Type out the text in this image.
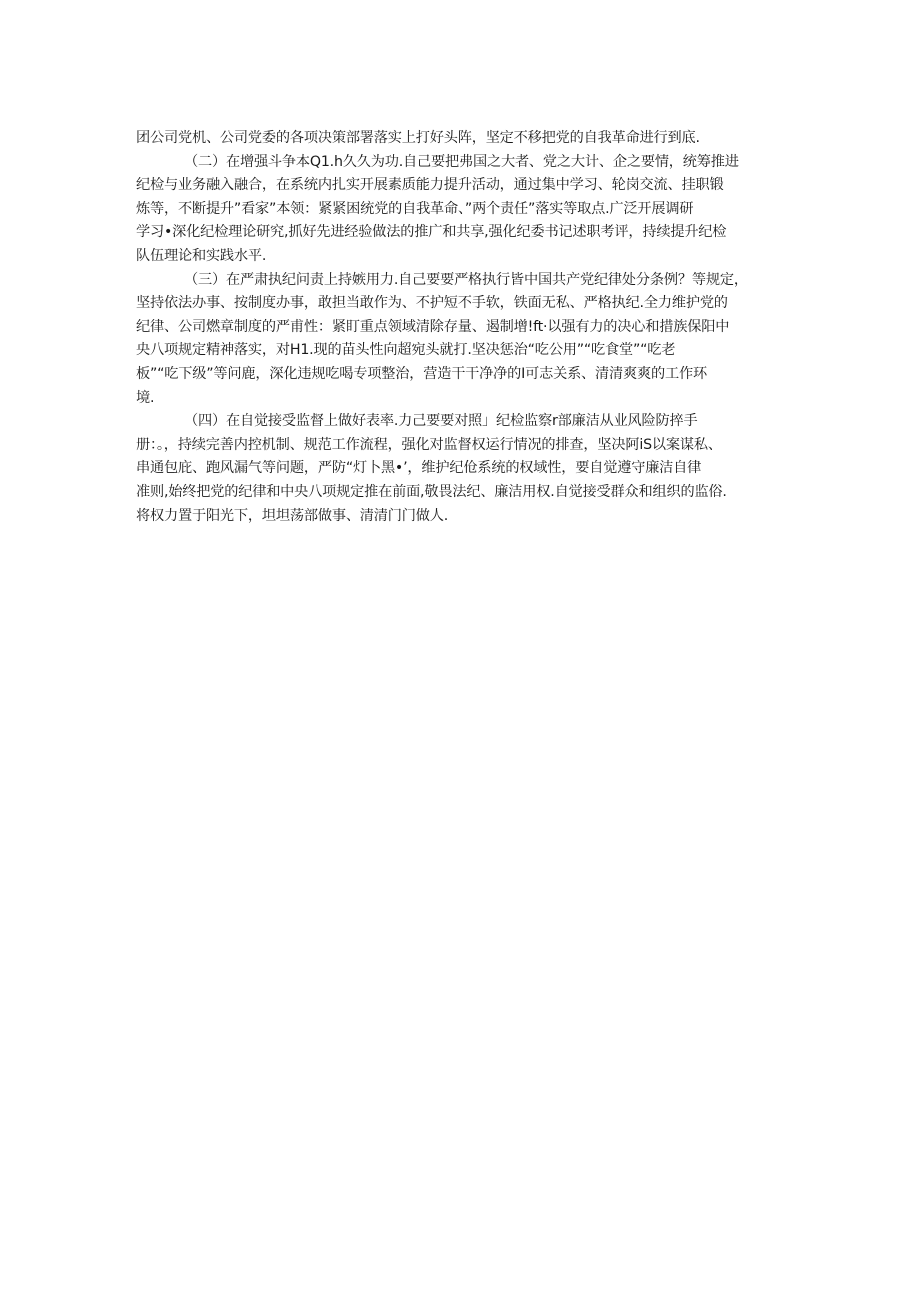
团公司党机、公司党委的各项决策部署落实上打好头阵，坚定不移把党的自我革命进行到底.
（二）在增强斗争本Q1.h久久为功.自己要把弗国之大者、党之大计、企之要情，统筹推进
纪检与业务融入融合，在系统内扎实开展素质能力提升活动，通过集中学习、轮岗交流、挂职锻
炼等，不断提升”看家”本领：紧紧困统党的自我革命、”两个责任”落实等取点.广泛开展调研
学习•深化纪检理论研究,抓好先进经验做法的推广和共享,强化纪委书记述职考评，持续提升纪检
队伍理论和实践水平.
（三）在严肃执纪问责上持嫉用力.自己要要严格执行皆中国共产党纪律处分条例？等规定，
坚持依法办事、按制度办事，敢担当敢作为、不护短不手软，铁面无私、严格执纪.全力维护党的
纪律、公司燃章制度的严甫性：紧盯重点领域清除存量、遏制增!ft·以强有力的决心和措族保阳中
央八项规定精神落实，对H1.现的苗头性向超宛头就打.坚决惩治“吃公用”“吃食堂”“吃老
板”“吃下级”等问鹿，深化违规吃喝专项整治，营造干干净净的I可志关系、清清爽爽的工作环
境.
（四）在自觉接受监督上做好表率.力己要要对照」纪检监察r部廉洁从业风险防捽手
册：。，持续完善内控机制、规范工作流程，强化对监督权运行情况的排查，坚决阿iS以案谋私、
串通包庇、跑风漏气等问题，严防“灯卜黑•’，维护纪伧系统的权域性，要自觉遵守廉洁自律
准则,始终把党的纪律和中央八项规定推在前面,敬畏法纪、廉洁用权.自觉接受群众和组织的监俗.
将权力置于阳光下，坦坦荡部做事、清清门门做人.
